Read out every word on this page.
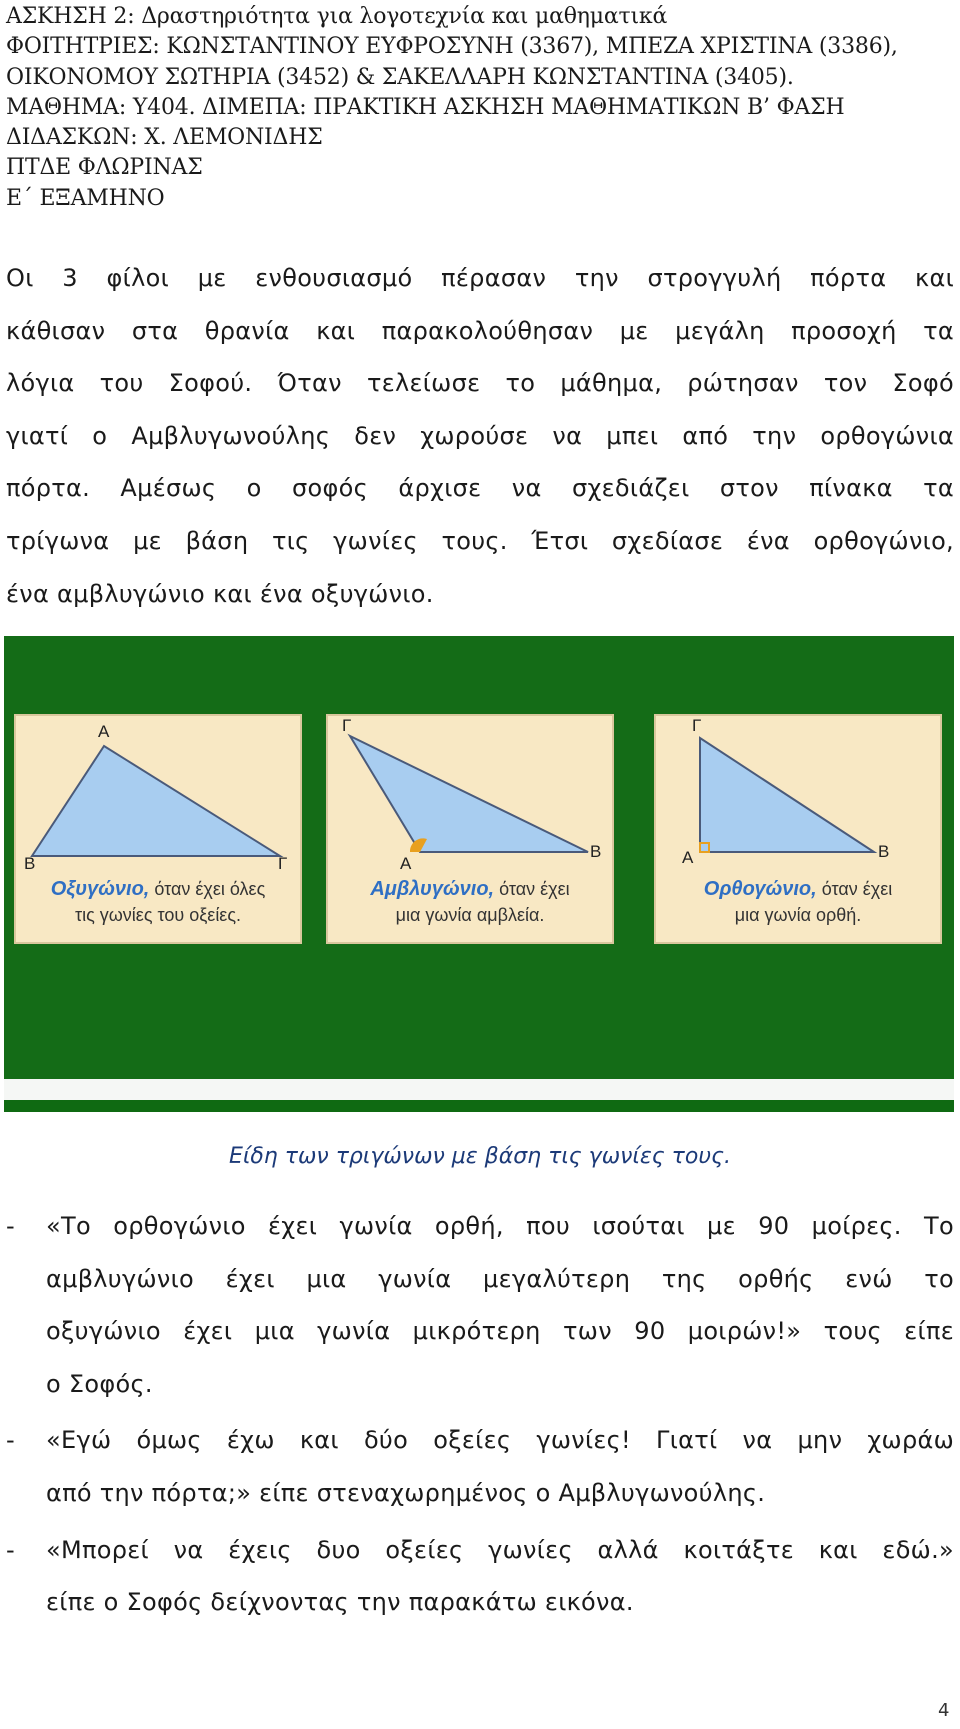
ΑΣΚΗΣΗ 2: Δραστηριότητα για λογοτεχνία και μαθηματικά
ΦΟΙΤΗΤΡΙΕΣ: ΚΩΝΣΤΑΝΤΙΝΟΥ ΕΥΦΡΟΣΥΝΗ (3367), ΜΠΕΖΑ ΧΡΙΣΤΙΝΑ (3386),
ΟΙΚΟΝΟΜΟΥ ΣΩΤΗΡΙΑ (3452) & ΣΑΚΕΛΛΑΡΗ ΚΩΝΣΤΑΝΤΙΝΑ (3405).
ΜΑΘΗΜΑ: Υ404. ΔΙΜΕΠΑ: ΠΡΑΚΤΙΚΗ ΑΣΚΗΣΗ ΜΑΘΗΜΑΤΙΚΩΝ Β’ ΦΑΣΗ
ΔΙΔΑΣΚΩΝ: Χ. ΛΕΜΟΝΙΔΗΣ
ΠΤΔΕ ΦΛΩΡΙΝΑΣ
Ε΄ ΕΞΑΜΗΝΟ
Οι 3 φίλοι με ενθουσιασμό πέρασαν την στρογγυλή πόρτα και
κάθισαν στα θρανία και παρακολούθησαν με μεγάλη προσοχή τα
λόγια του Σοφού. Όταν τελείωσε το μάθημα, ρώτησαν τον Σοφό
γιατί ο Αμβλυγωνούλης δεν χωρούσε να μπει από την ορθογώνια
πόρτα. Αμέσως ο σοφός άρχισε να σχεδιάζει στον πίνακα τα
τρίγωνα με βάση τις γωνίες τους. Έτσι σχεδίασε ένα ορθογώνιο,
ένα αμβλυγώνιο και ένα οξυγώνιο.
Α
Β	Γ
Οξυγώνιο, όταν έχει όλες
τις γωνίες του οξείες.
Γ
Α
Β
Αμβλυγώνιο, όταν έχει
μια γωνία αμβλεία.
Γ
Α	Β
Ορθογώνιο, όταν έχει
μια γωνία ορθή.
Είδη των τριγώνων με βάση τις γωνίες τους.
- «Το ορθογώνιο έχει γωνία ορθή, που ισούται με 90 μοίρες. Το
αμβλυγώνιο έχει μια γωνία μεγαλύτερη της ορθής ενώ το
οξυγώνιο έχει μια γωνία μικρότερη των 90 μοιρών!» τους είπε
ο Σοφός.
- «Εγώ όμως έχω και δύο οξείες γωνίες! Γιατί να μην χωράω
από την πόρτα;» είπε στεναχωρημένος ο Αμβλυγωνούλης.
- «Μπορεί να έχεις δυο οξείες γωνίες αλλά κοιτάξτε και εδώ.»
είπε ο Σοφός δείχνοντας την παρακάτω εικόνα.
4
